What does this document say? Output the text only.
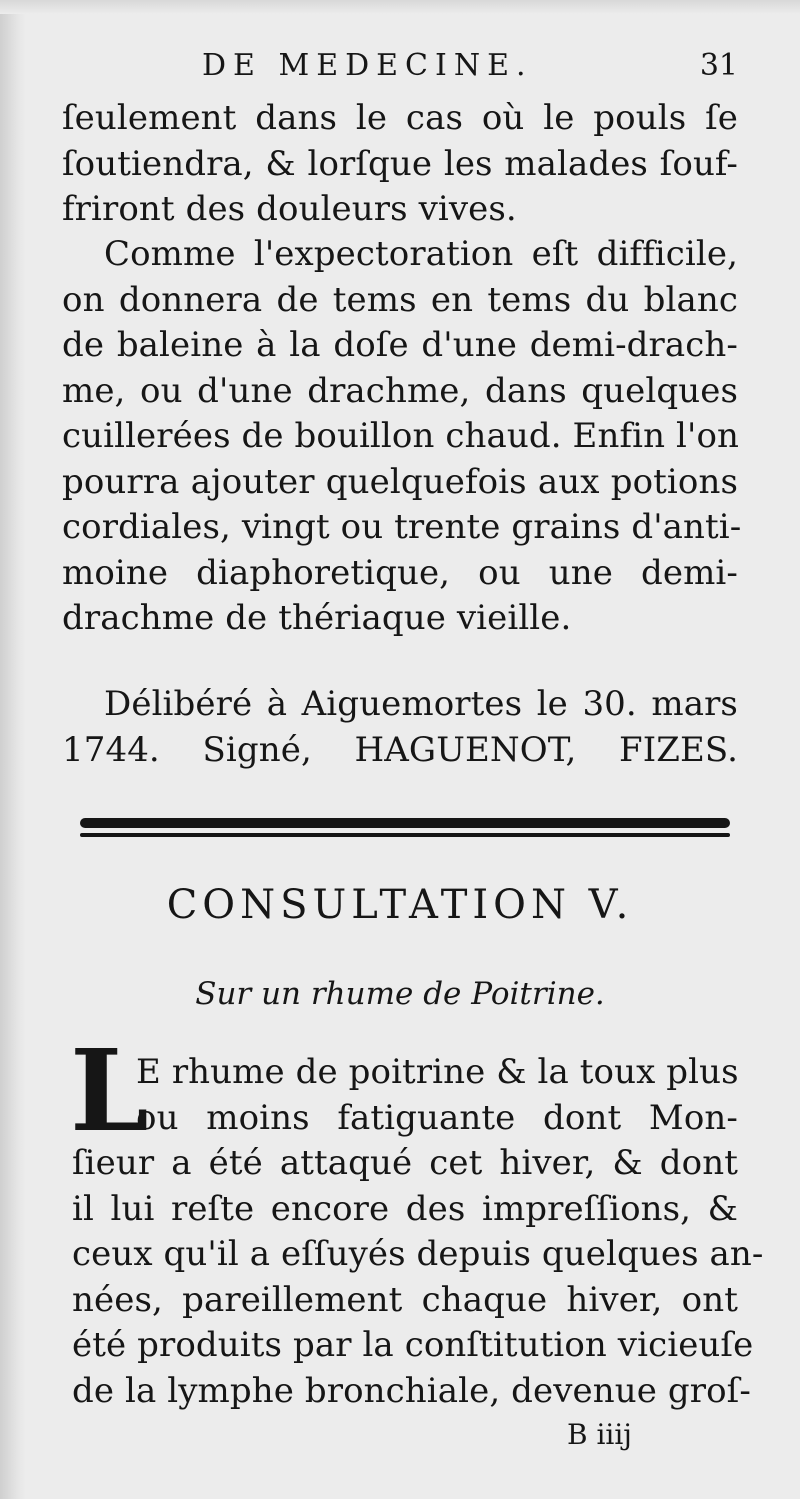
DE MEDECINE.	31
ſeulement dans le cas où le pouls ſe
ſoutiendra, & lorſque les malades ſouf-
friront des douleurs vives.
Comme l'expectoration eſt difficile,
on donnera de tems en tems du blanc
de baleine à la doſe d'une demi-drach-
me, ou d'une drachme, dans quelques
cuillerées de bouillon chaud. Enfin l'on
pourra ajouter quelquefois aux potions
cordiales, vingt ou trente grains d'anti-
moine diaphoretique, ou une demi-
drachme de thériaque vieille.
Délibéré à Aiguemortes le 30. mars
1744. Signé, HAGUENOT, FIZES.
CONSULTATION V.
Sur un rhume de Poitrine.
L
E rhume de poitrine & la toux plus
ou moins fatiguante dont Mon-
ſieur a été attaqué cet hiver, & dont
il lui reſte encore des impreſſions, &
ceux qu'il a eſſuyés depuis quelques an-
nées, pareillement chaque hiver, ont
été produits par la conſtitution vicieuſe
de la lymphe bronchiale, devenue groſ-
B iiij
